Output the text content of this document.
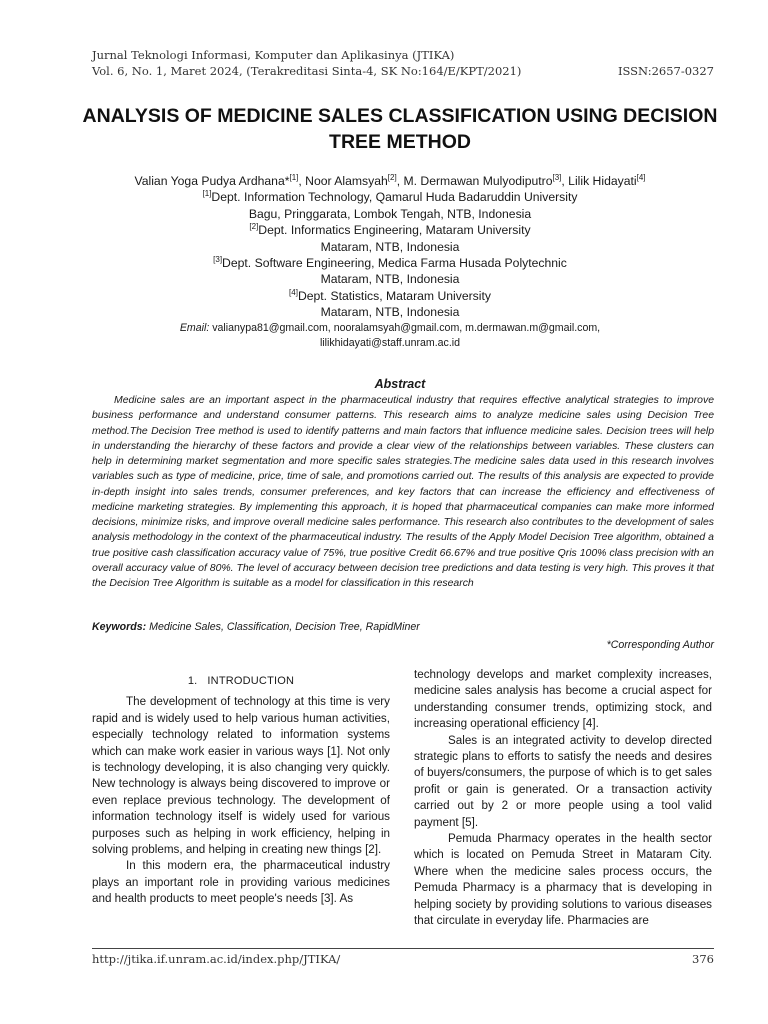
Jurnal Teknologi Informasi, Komputer dan Aplikasinya (JTIKA)
Vol. 6, No. 1, Maret 2024, (Terakreditasi Sinta-4, SK No:164/E/KPT/2021)	ISSN:2657-0327
ANALYSIS OF MEDICINE SALES CLASSIFICATION USING DECISION
TREE METHOD
Valian Yoga Pudya Ardhana*[1], Noor Alamsyah[2], M. Dermawan Mulyodiputro[3], Lilik Hidayati[4]
[1]Dept. Information Technology, Qamarul Huda Badaruddin University
Bagu, Pringgarata, Lombok Tengah, NTB, Indonesia
[2]Dept. Informatics Engineering, Mataram University
Mataram, NTB, Indonesia
[3]Dept. Software Engineering, Medica Farma Husada Polytechnic
Mataram, NTB, Indonesia
[4]Dept. Statistics, Mataram University
Mataram, NTB, Indonesia
Email: valianypa81@gmail.com, nooralamsyah@gmail.com, m.dermawan.m@gmail.com,
lilikhidayati@staff.unram.ac.id
Abstract
Medicine sales are an important aspect in the pharmaceutical industry that requires effective analytical strategies to improve business performance and understand consumer patterns. This research aims to analyze medicine sales using Decision Tree method.The Decision Tree method is used to identify patterns and main factors that influence medicine sales. Decision trees will help in understanding the hierarchy of these factors and provide a clear view of the relationships between variables. These clusters can help in determining market segmentation and more specific sales strategies.The medicine sales data used in this research involves variables such as type of medicine, price, time of sale, and promotions carried out. The results of this analysis are expected to provide in-depth insight into sales trends, consumer preferences, and key factors that can increase the efficiency and effectiveness of medicine marketing strategies. By implementing this approach, it is hoped that pharmaceutical companies can make more informed decisions, minimize risks, and improve overall medicine sales performance. This research also contributes to the development of sales analysis methodology in the context of the pharmaceutical industry. The results of the Apply Model Decision Tree algorithm, obtained a true positive cash classification accuracy value of 75%, true positive Credit 66.67% and true positive Qris 100% class precision with an overall accuracy value of 80%. The level of accuracy between decision tree predictions and data testing is very high. This proves it that the Decision Tree Algorithm is suitable as a model for classification in this research
Keywords: Medicine Sales, Classification, Decision Tree, RapidMiner
*Corresponding Author
1. INTRODUCTION

The development of technology at this time is very rapid and is widely used to help various human activities, especially technology related to information systems which can make work easier in various ways [1]. Not only is technology developing, it is also changing very quickly. New technology is always being discovered to improve or even replace previous technology. The development of information technology itself is widely used for various purposes such as helping in work efficiency, helping in solving problems, and helping in creating new things [2].

In this modern era, the pharmaceutical industry plays an important role in providing various medicines and health products to meet people's needs [3]. As

technology develops and market complexity increases, medicine sales analysis has become a crucial aspect for understanding consumer trends, optimizing stock, and increasing operational efficiency [4].

Sales is an integrated activity to develop directed strategic plans to efforts to satisfy the needs and desires of buyers/consumers, the purpose of which is to get sales profit or gain is generated. Or a transaction activity carried out by 2 or more people using a tool valid payment [5].

Pemuda Pharmacy operates in the health sector which is located on Pemuda Street in Mataram City. Where when the medicine sales process occurs, the Pemuda Pharmacy is a pharmacy that is developing in helping society by providing solutions to various diseases that circulate in everyday life. Pharmacies are

http://jtika.if.unram.ac.id/index.php/JTIKA/	376
